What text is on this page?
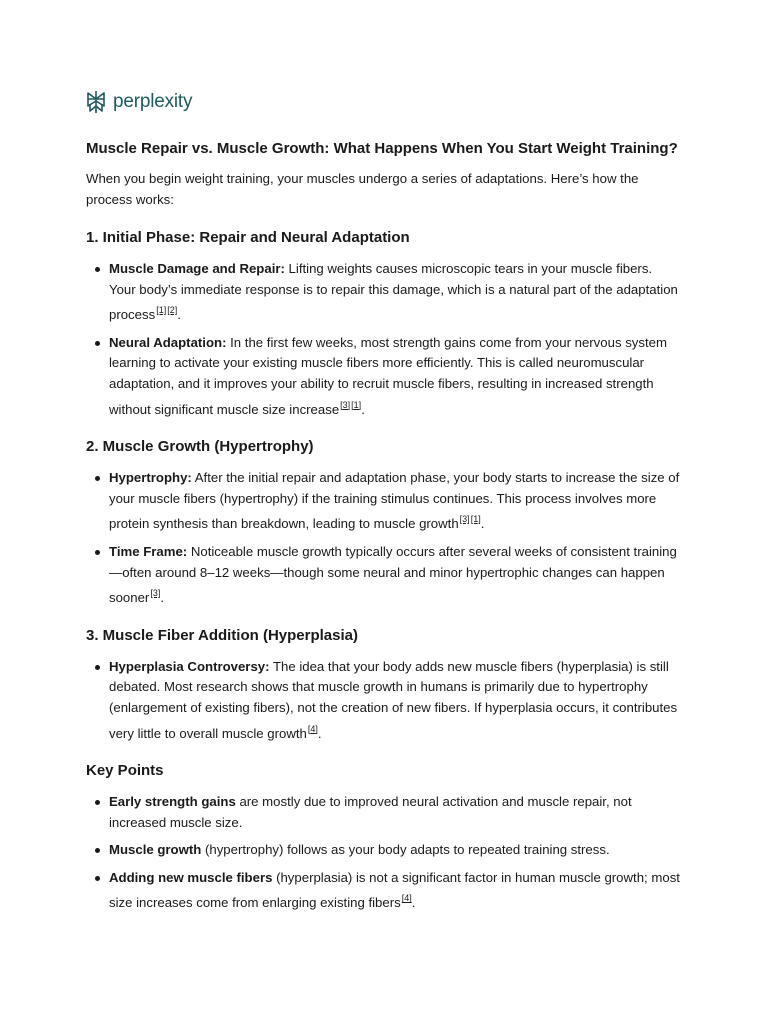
perplexity
Muscle Repair vs. Muscle Growth: What Happens When You Start Weight Training?

When you begin weight training, your muscles undergo a series of adaptations. Here’s how the process works:

1. Initial Phase: Repair and Neural Adaptation
Muscle Damage and Repair: Lifting weights causes microscopic tears in your muscle fibers. Your body’s immediate response is to repair this damage, which is a natural part of the adaptation process[1][2].
Neural Adaptation: In the first few weeks, most strength gains come from your nervous system learning to activate your existing muscle fibers more efficiently. This is called neuromuscular adaptation, and it improves your ability to recruit muscle fibers, resulting in increased strength without significant muscle size increase[3][1].
2. Muscle Growth (Hypertrophy)
Hypertrophy: After the initial repair and adaptation phase, your body starts to increase the size of your muscle fibers (hypertrophy) if the training stimulus continues. This process involves more protein synthesis than breakdown, leading to muscle growth[3][1].
Time Frame: Noticeable muscle growth typically occurs after several weeks of consistent training—often around 8–12 weeks—though some neural and minor hypertrophic changes can happen sooner[3].
3. Muscle Fiber Addition (Hyperplasia)
Hyperplasia Controversy: The idea that your body adds new muscle fibers (hyperplasia) is still debated. Most research shows that muscle growth in humans is primarily due to hypertrophy (enlargement of existing fibers), not the creation of new fibers. If hyperplasia occurs, it contributes very little to overall muscle growth[4].
Key Points
Early strength gains are mostly due to improved neural activation and muscle repair, not increased muscle size.
Muscle growth (hypertrophy) follows as your body adapts to repeated training stress.
Adding new muscle fibers (hyperplasia) is not a significant factor in human muscle growth; most size increases come from enlarging existing fibers[4].
